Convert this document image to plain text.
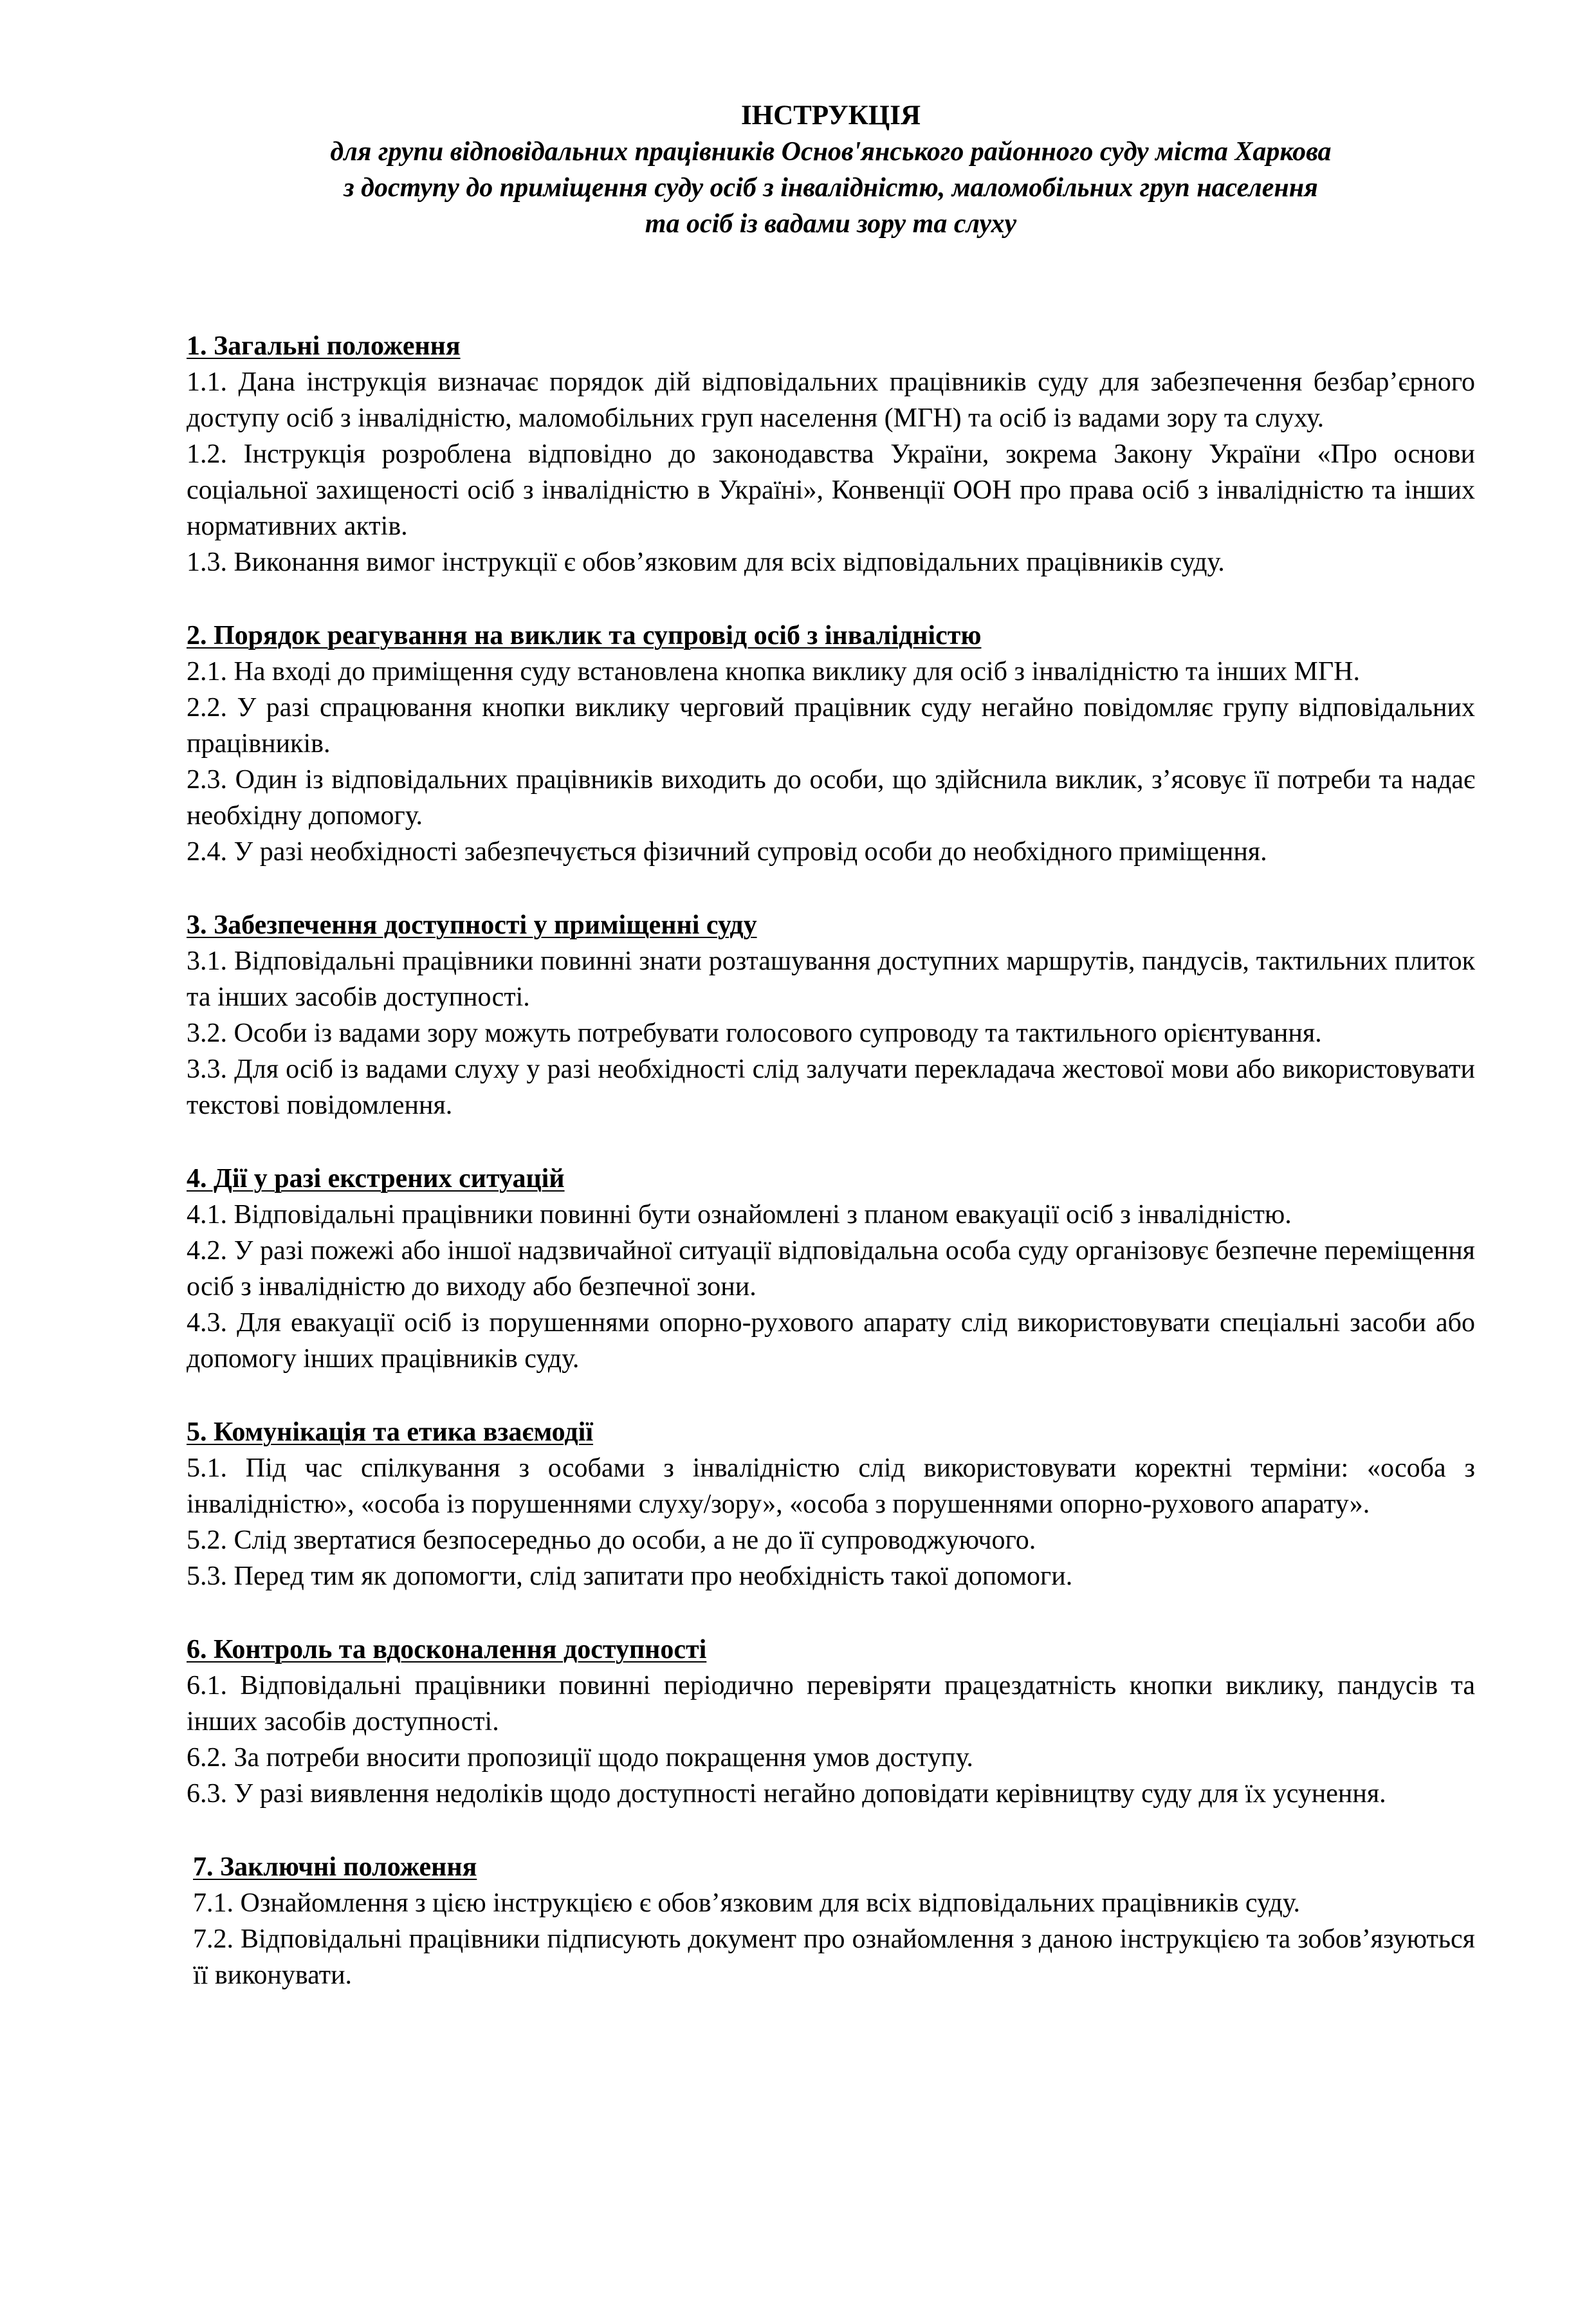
ІНСТРУКЦІЯ
для групи відповідальних працівників Основ'янського районного суду міста Харкова
з доступу до приміщення суду осіб з інвалідністю, маломобільних груп населення
та осіб із вадами зору та слуху
1. Загальні положення
1.1. Дана інструкція визначає порядок дій відповідальних працівників суду для забезпечення безбар’єрного доступу осіб з інвалідністю, маломобільних груп населення (МГН) та осіб із вадами зору та слуху.
1.2. Інструкція розроблена відповідно до законодавства України, зокрема Закону України «Про основи соціальної захищеності осіб з інвалідністю в Україні», Конвенції ООН про права осіб з інвалідністю та інших нормативних актів.
1.3. Виконання вимог інструкції є обов’язковим для всіх відповідальних працівників суду.
2. Порядок реагування на виклик та супровід осіб з інвалідністю
2.1. На вході до приміщення суду встановлена кнопка виклику для осіб з інвалідністю та інших МГН.
2.2. У разі спрацювання кнопки виклику черговий працівник суду негайно повідомляє групу відповідальних працівників.
2.3. Один із відповідальних працівників виходить до особи, що здійснила виклик, з’ясовує її потреби та надає необхідну допомогу.
2.4. У разі необхідності забезпечується фізичний супровід особи до необхідного приміщення.
3. Забезпечення доступності у приміщенні суду
3.1. Відповідальні працівники повинні знати розташування доступних маршрутів, пандусів, тактильних плиток та інших засобів доступності.
3.2. Особи із вадами зору можуть потребувати голосового супроводу та тактильного орієнтування.
3.3. Для осіб із вадами слуху у разі необхідності слід залучати перекладача жестової мови або використовувати текстові повідомлення.
4. Дії у разі екстрених ситуацій
4.1. Відповідальні працівники повинні бути ознайомлені з планом евакуації осіб з інвалідністю.
4.2. У разі пожежі або іншої надзвичайної ситуації відповідальна особа суду організовує безпечне переміщення осіб з інвалідністю до виходу або безпечної зони.
4.3. Для евакуації осіб із порушеннями опорно-рухового апарату слід використовувати спеціальні засоби або допомогу інших працівників суду.
5. Комунікація та етика взаємодії
5.1. Під час спілкування з особами з інвалідністю слід використовувати коректні терміни: «особа з інвалідністю», «особа із порушеннями слуху/зору», «особа з порушеннями опорно-рухового апарату».
5.2. Слід звертатися безпосередньо до особи, а не до її супроводжуючого.
5.3. Перед тим як допомогти, слід запитати про необхідність такої допомоги.
6. Контроль та вдосконалення доступності
6.1. Відповідальні працівники повинні періодично перевіряти працездатність кнопки виклику, пандусів та інших засобів доступності.
6.2. За потреби вносити пропозиції щодо покращення умов доступу.
6.3. У разі виявлення недоліків щодо доступності негайно доповідати керівництву суду для їх усунення.
7. Заключні положення
7.1. Ознайомлення з цією інструкцією є обов’язковим для всіх відповідальних працівників суду.
7.2. Відповідальні працівники підписують документ про ознайомлення з даною інструкцією та зобов’язуються її виконувати.
